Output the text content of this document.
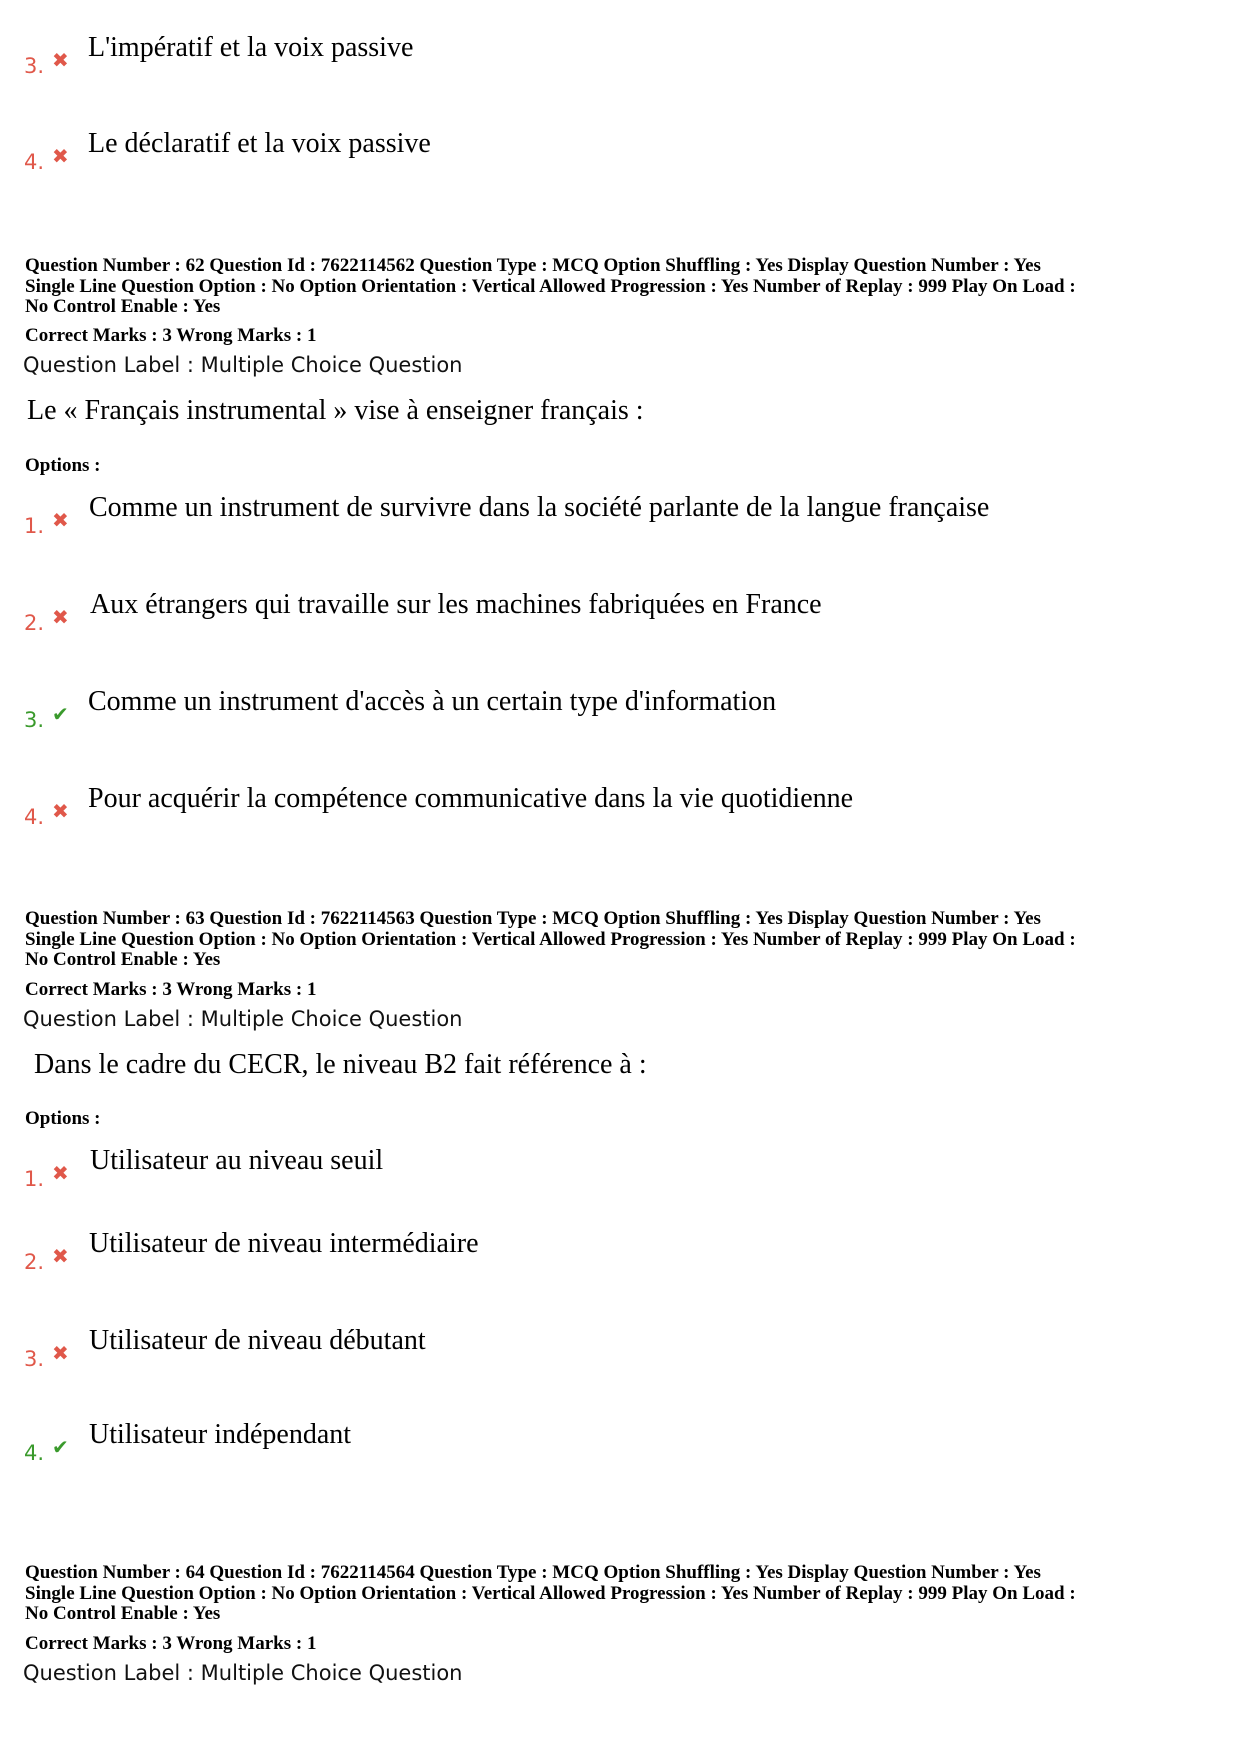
3. ✖ L'impératif et la voix passive
4. ✖ Le déclaratif et la voix passive
Question Number : 62 Question Id : 7622114562 Question Type : MCQ Option Shuffling : Yes Display Question Number : Yes
Single Line Question Option : No Option Orientation : Vertical Allowed Progression : Yes Number of Replay : 999 Play On Load :
No Control Enable : Yes
Correct Marks : 3 Wrong Marks : 1
Question Label : Multiple Choice Question
Le « Français instrumental » vise à enseigner français :
Options :
1. ✖ Comme un instrument de survivre dans la société parlante de la langue française
2. ✖ Aux étrangers qui travaille sur les machines fabriquées en France
3. ✔ Comme un instrument d'accès à un certain type d'information
4. ✖ Pour acquérir la compétence communicative dans la vie quotidienne
Question Number : 63 Question Id : 7622114563 Question Type : MCQ Option Shuffling : Yes Display Question Number : Yes
Single Line Question Option : No Option Orientation : Vertical Allowed Progression : Yes Number of Replay : 999 Play On Load :
No Control Enable : Yes
Correct Marks : 3 Wrong Marks : 1
Question Label : Multiple Choice Question
Dans le cadre du CECR, le niveau B2 fait référence à :
Options :
1. ✖ Utilisateur au niveau seuil
2. ✖ Utilisateur de niveau intermédiaire
3. ✖ Utilisateur de niveau débutant
4. ✔ Utilisateur indépendant
Question Number : 64 Question Id : 7622114564 Question Type : MCQ Option Shuffling : Yes Display Question Number : Yes
Single Line Question Option : No Option Orientation : Vertical Allowed Progression : Yes Number of Replay : 999 Play On Load :
No Control Enable : Yes
Correct Marks : 3 Wrong Marks : 1
Question Label : Multiple Choice Question
